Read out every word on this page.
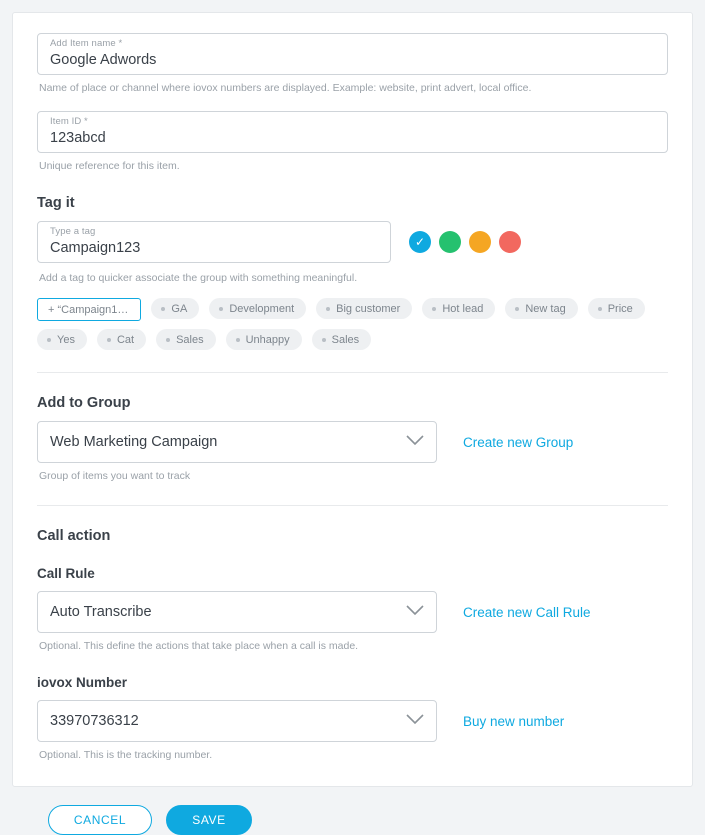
Add Item name *
Google Adwords
Name of place or channel where iovox numbers are displayed. Example: website, print advert, local office.
Item ID *
123abcd
Unique reference for this item.
Tag it
Type a tag
Campaign123
✓
Add a tag to quicker associate the group with something meaningful.
+ “Campaign1…	GA	Development	Big customer	Hot lead	New tag	Price
Yes	Cat	Sales	Unhappy	Sales
Add to Group
Web Marketing Campaign	Create new Group
Group of items you want to track
Call action
Call Rule
Auto Transcribe	Create new Call Rule
Optional. This define the actions that take place when a call is made.
iovox Number
33970736312	Buy new number
Optional. This is the tracking number.
CANCEL	SAVE
